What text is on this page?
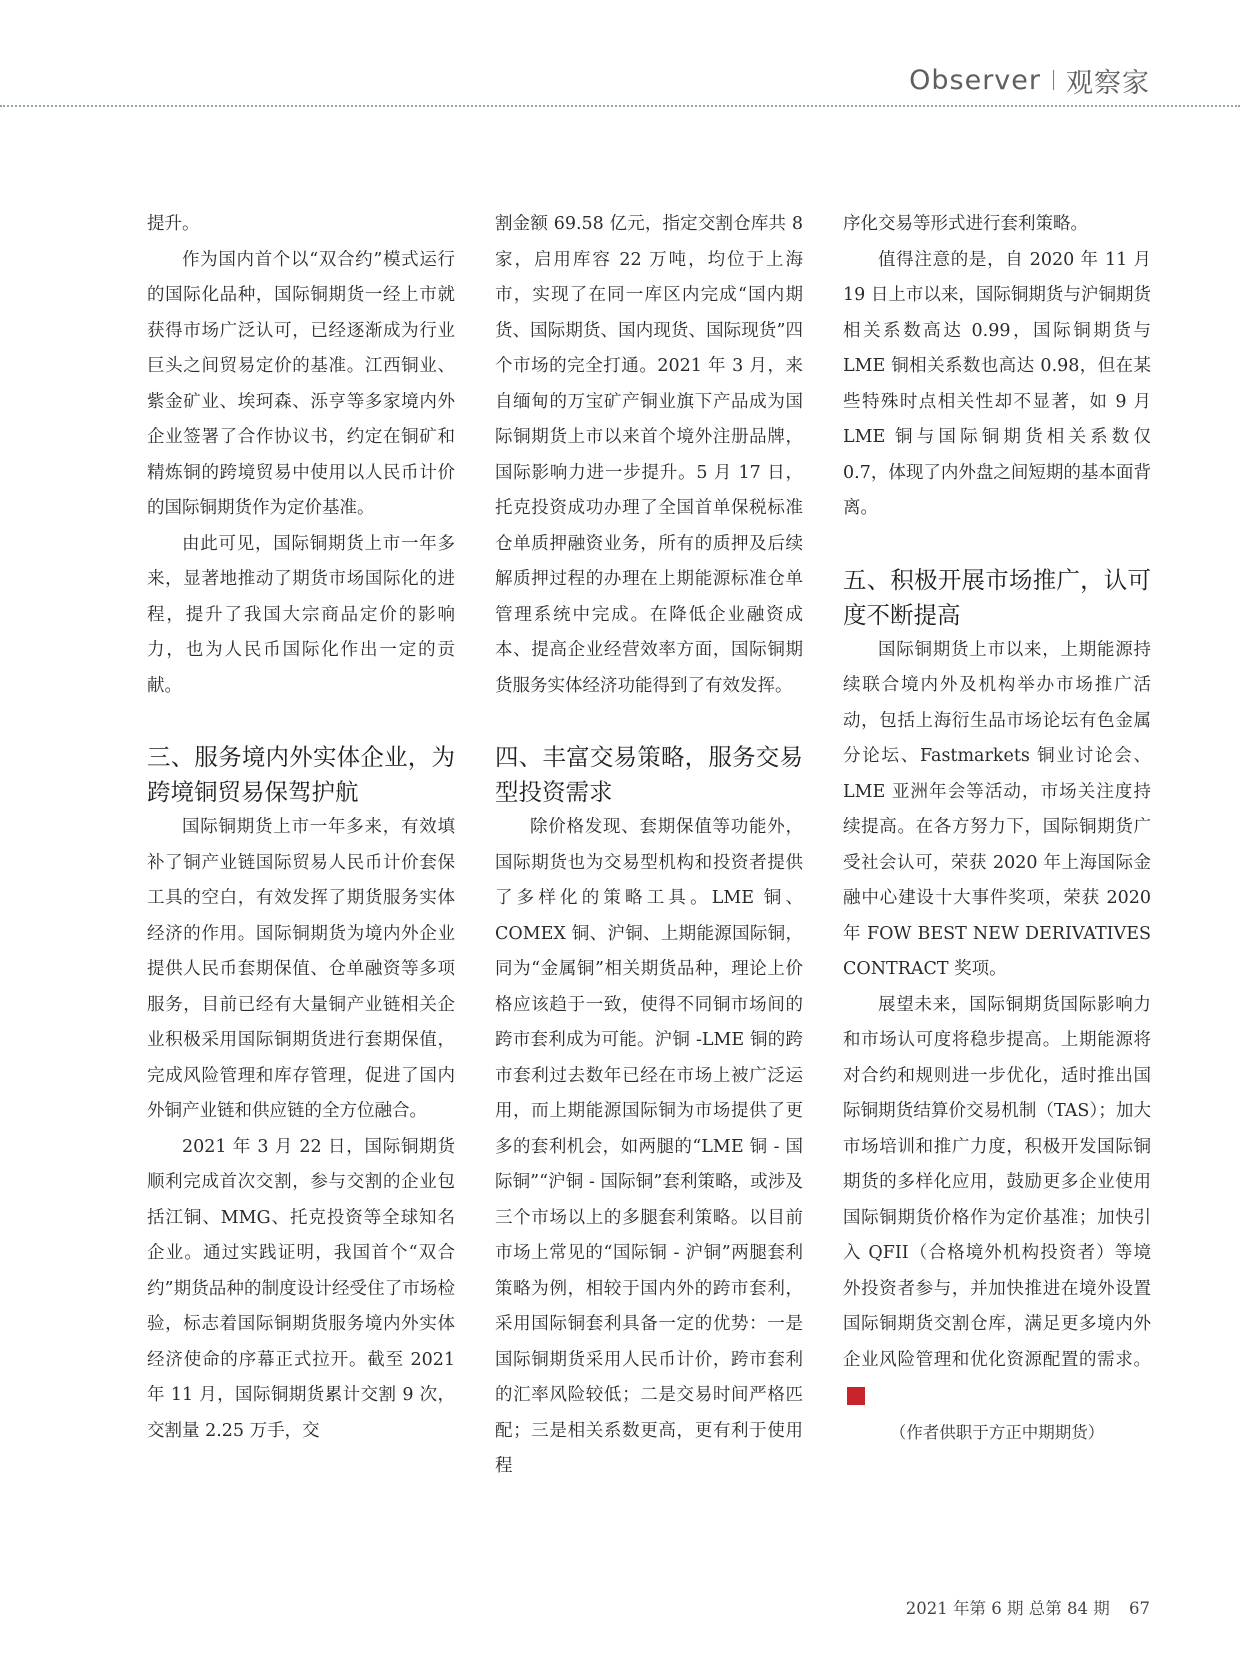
Observer 观察家

提升。

作为国内首个以“双合约”模式运行的国际化品种，国际铜期货一经上市就获得市场广泛认可，已经逐渐成为行业巨头之间贸易定价的基准。江西铜业、紫金矿业、埃珂森、泺亨等多家境内外企业签署了合作协议书，约定在铜矿和精炼铜的跨境贸易中使用以人民币计价的国际铜期货作为定价基准。

由此可见，国际铜期货上市一年多来，显著地推动了期货市场国际化的进程，提升了我国大宗商品定价的影响力，也为人民币国际化作出一定的贡献。

三、服务境内外实体企业，为跨境铜贸易保驾护航

国际铜期货上市一年多来，有效填补了铜产业链国际贸易人民币计价套保工具的空白，有效发挥了期货服务实体经济的作用。国际铜期货为境内外企业提供人民币套期保值、仓单融资等多项服务，目前已经有大量铜产业链相关企业积极采用国际铜期货进行套期保值，完成风险管理和库存管理，促进了国内外铜产业链和供应链的全方位融合。

2021 年 3 月 22 日，国际铜期货顺利完成首次交割，参与交割的企业包括江铜、MMG、托克投资等全球知名企业。通过实践证明，我国首个“双合约”期货品种的制度设计经受住了市场检验，标志着国际铜期货服务境内外实体经济使命的序幕正式拉开。截至 2021 年 11 月，国际铜期货累计交割 9 次，交割量 2.25 万手，交

割金额 69.58 亿元，指定交割仓库共 8 家，启用库容 22 万吨，均位于上海市，实现了在同一库区内完成“国内期货、国际期货、国内现货、国际现货”四个市场的完全打通。2021 年 3 月，来自缅甸的万宝矿产铜业旗下产品成为国际铜期货上市以来首个境外注册品牌，国际影响力进一步提升。5 月 17 日，托克投资成功办理了全国首单保税标准仓单质押融资业务，所有的质押及后续解质押过程的办理在上期能源标准仓单管理系统中完成。在降低企业融资成本、提高企业经营效率方面，国际铜期货服务实体经济功能得到了有效发挥。

四、丰富交易策略，服务交易型投资需求

除价格发现、套期保值等功能外，国际期货也为交易型机构和投资者提供了多样化的策略工具。LME 铜、COMEX 铜、沪铜、上期能源国际铜，同为“金属铜”相关期货品种，理论上价格应该趋于一致，使得不同铜市场间的跨市套利成为可能。沪铜 -LME 铜的跨市套利过去数年已经在市场上被广泛运用，而上期能源国际铜为市场提供了更多的套利机会，如两腿的“LME 铜 - 国际铜”“沪铜 - 国际铜”套利策略，或涉及三个市场以上的多腿套利策略。以目前市场上常见的“国际铜 - 沪铜”两腿套利策略为例，相较于国内外的跨市套利，采用国际铜套利具备一定的优势：一是国际铜期货采用人民币计价，跨市套利的汇率风险较低；二是交易时间严格匹配；三是相关系数更高，更有利于使用程

序化交易等形式进行套利策略。

值得注意的是，自 2020 年 11 月 19 日上市以来，国际铜期货与沪铜期货相关系数高达 0.99，国际铜期货与 LME 铜相关系数也高达 0.98，但在某些特殊时点相关性却不显著，如 9 月 LME 铜与国际铜期货相关系数仅 0.7，体现了内外盘之间短期的基本面背离。

五、积极开展市场推广，认可度不断提高

国际铜期货上市以来，上期能源持续联合境内外及机构举办市场推广活动，包括上海衍生品市场论坛有色金属分论坛、Fastmarkets 铜业讨论会、LME 亚洲年会等活动，市场关注度持续提高。在各方努力下，国际铜期货广受社会认可，荣获 2020 年上海国际金融中心建设十大事件奖项，荣获 2020 年 FOW BEST NEW DERIVATIVES CONTRACT 奖项。

展望未来，国际铜期货国际影响力和市场认可度将稳步提高。上期能源将对合约和规则进一步优化，适时推出国际铜期货结算价交易机制（TAS）；加大市场培训和推广力度，积极开发国际铜期货的多样化应用，鼓励更多企业使用国际铜期货价格作为定价基准；加快引入 QFII（合格境外机构投资者）等境外投资者参与，并加快推进在境外设置国际铜期货交割仓库，满足更多境内外企业风险管理和优化资源配置的需求。中

（作者供职于方正中期期货）

2021 年第 6 期 总第 84 期 67
